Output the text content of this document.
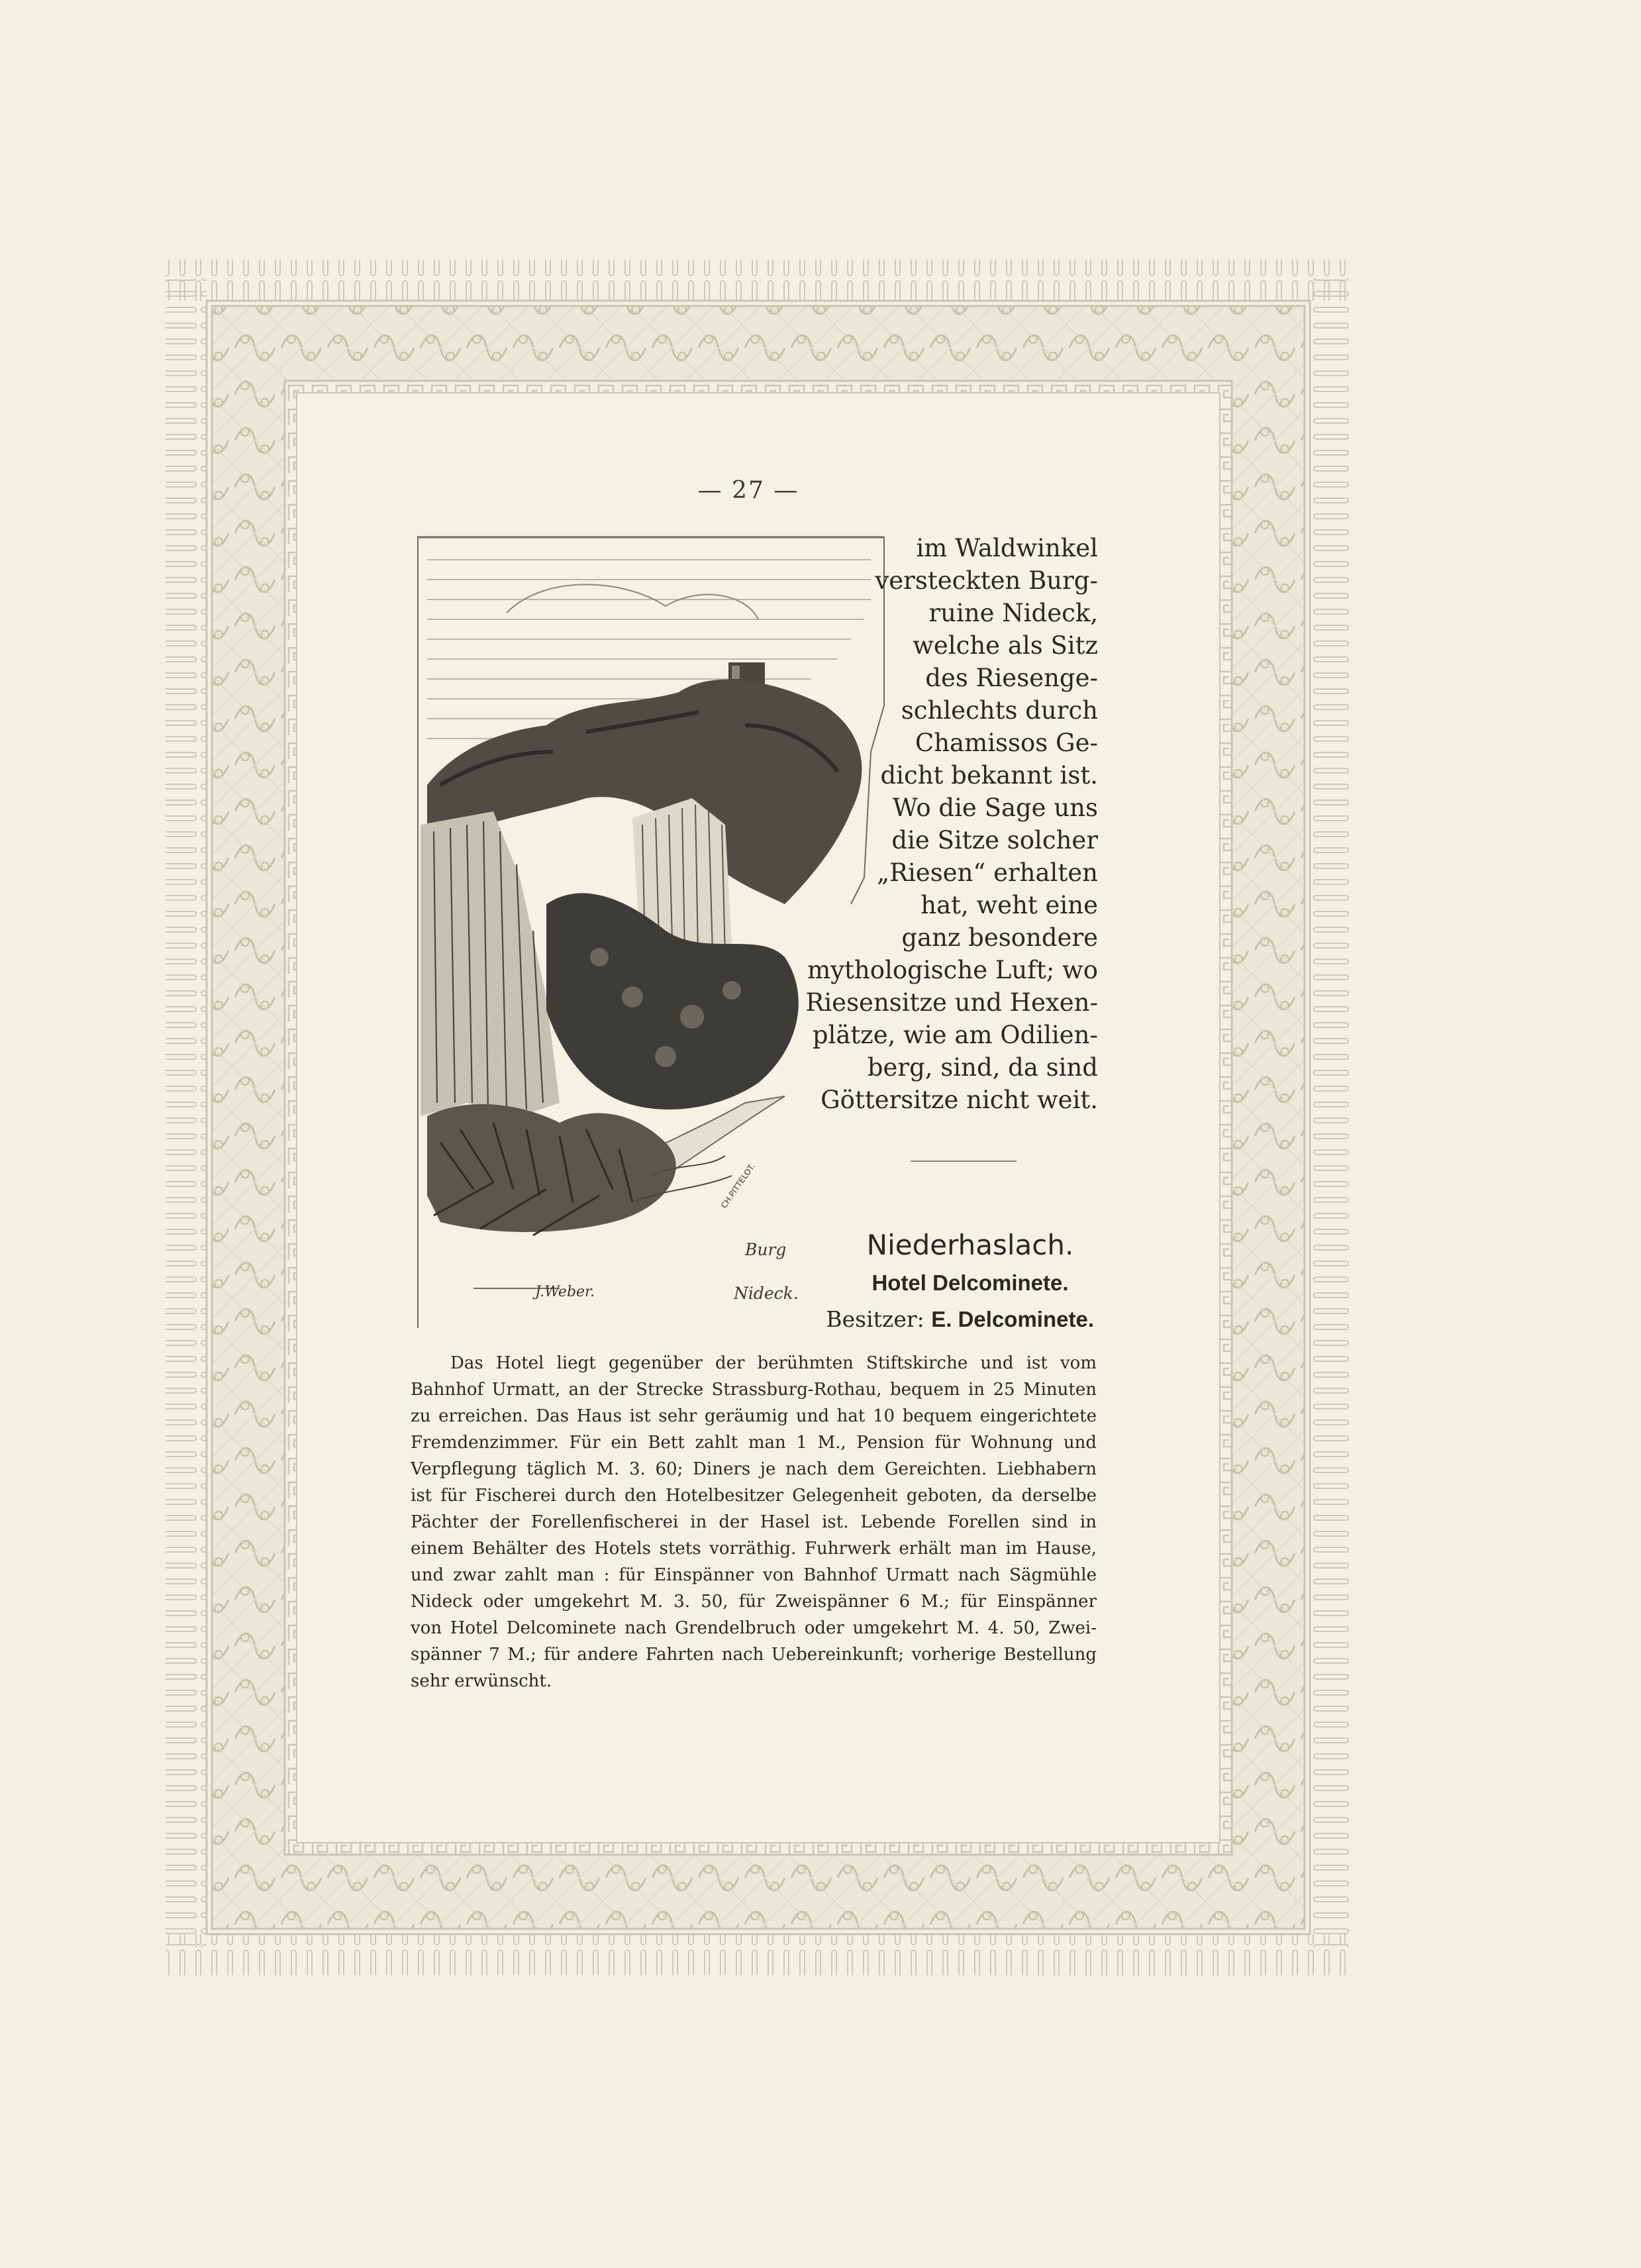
— 27 —
CH.PITTELOT.
Burg
Nideck.
J.Weber.
im Waldwinkel
versteckten Burg-
ruine Nideck,
welche als Sitz
des Riesenge-
schlechts durch
Chamissos Ge-
dicht bekannt ist.
Wo die Sage uns
die Sitze solcher
„Riesen“ erhalten
hat, weht eine
ganz besondere
mythologische Luft; wo
Riesensitze und Hexen-
plätze, wie am Odilien-
berg, sind, da sind
Göttersitze nicht weit.
Niederhaslach.
Hotel Delcominete.
Besitzer: E. Delcominete.
Das Hotel liegt gegenüber der berühmten Stiftskirche und ist vom
Bahnhof Urmatt, an der Strecke Strassburg-Rothau, bequem in 25 Minuten
zu erreichen. Das Haus ist sehr geräumig und hat 10 bequem eingerichtete
Fremdenzimmer. Für ein Bett zahlt man 1 M., Pension für Wohnung und
Verpflegung täglich M. 3. 60; Diners je nach dem Gereichten. Liebhabern
ist für Fischerei durch den Hotelbesitzer Gelegenheit geboten, da derselbe
Pächter der Forellenfischerei in der Hasel ist. Lebende Forellen sind in
einem Behälter des Hotels stets vorräthig. Fuhrwerk erhält man im Hause,
und zwar zahlt man : für Einspänner von Bahnhof Urmatt nach Sägmühle
Nideck oder umgekehrt M. 3. 50, für Zweispänner 6 M.; für Einspänner
von Hotel Delcominete nach Grendelbruch oder umgekehrt M. 4. 50, Zwei-
spänner 7 M.; für andere Fahrten nach Uebereinkunft; vorherige Bestellung
sehr erwünscht.
